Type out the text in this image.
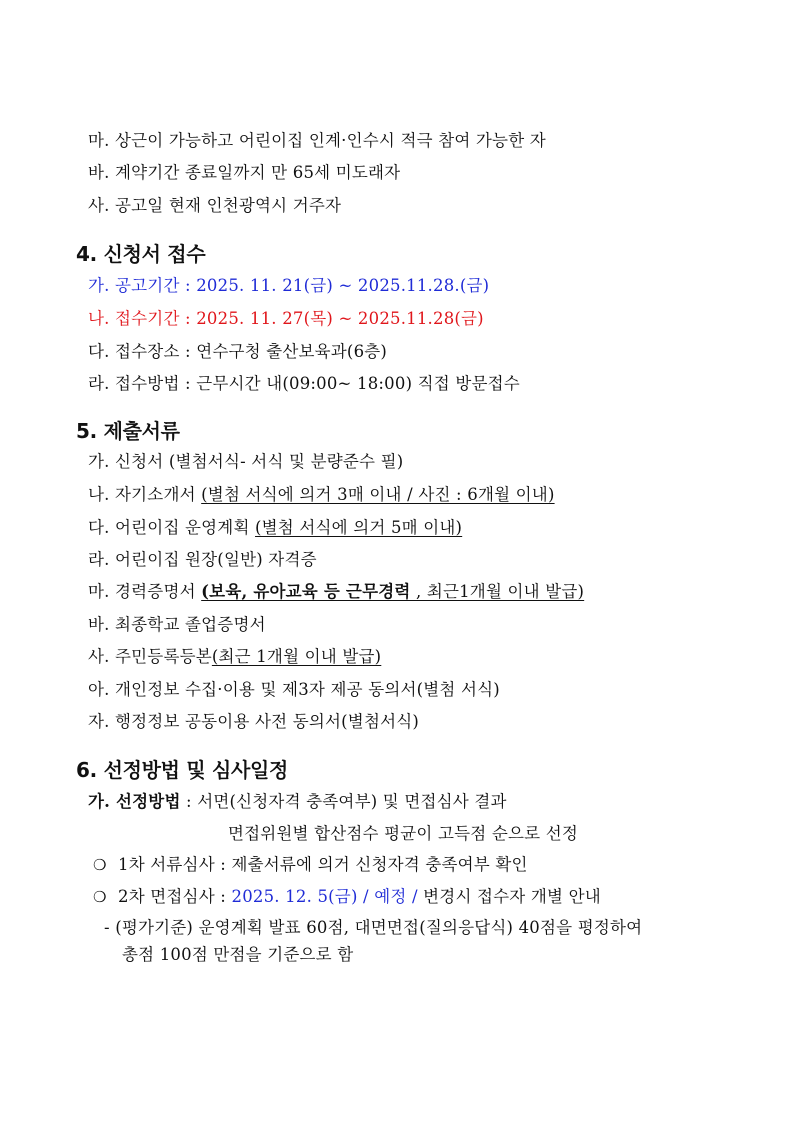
마. 상근이 가능하고 어린이집 인계·인수시 적극 참여 가능한 자
바. 계약기간 종료일까지 만 65세 미도래자
사. 공고일 현재 인천광역시 거주자
4. 신청서 접수
가. 공고기간 : 2025. 11. 21(금) ~ 2025.11.28.(금)
나. 접수기간 : 2025. 11. 27(목) ~ 2025.11.28(금)
다. 접수장소 : 연수구청 출산보육과(6층)
라. 접수방법 : 근무시간 내(09:00~ 18:00) 직접 방문접수
5. 제출서류
가. 신청서 (별첨서식- 서식 및 분량준수 필)
나. 자기소개서 (별첨 서식에 의거 3매 이내 / 사진 : 6개월 이내)
다. 어린이집 운영계획 (별첨 서식에 의거 5매 이내)
라. 어린이집 원장(일반) 자격증
마. 경력증명서 (보육, 유아교육 등 근무경력 , 최근1개월 이내 발급)
바. 최종학교 졸업증명서
사. 주민등록등본(최근 1개월 이내 발급)
아. 개인정보 수집·이용 및 제3자 제공 동의서(별첨 서식)
자. 행정정보 공동이용 사전 동의서(별첨서식)
6. 선정방법 및 심사일정
가. 선정방법 : 서면(신청자격 충족여부) 및 면접심사 결과
면접위원별 합산점수 평균이 고득점 순으로 선정
❍ 1차 서류심사 : 제출서류에 의거 신청자격 충족여부 확인
❍ 2차 면접심사 : 2025. 12. 5(금) / 예정 / 변경시 접수자 개별 안내
- (평가기준) 운영계획 발표 60점, 대면면접(질의응답식) 40점을 평정하여
총점 100점 만점을 기준으로 함
